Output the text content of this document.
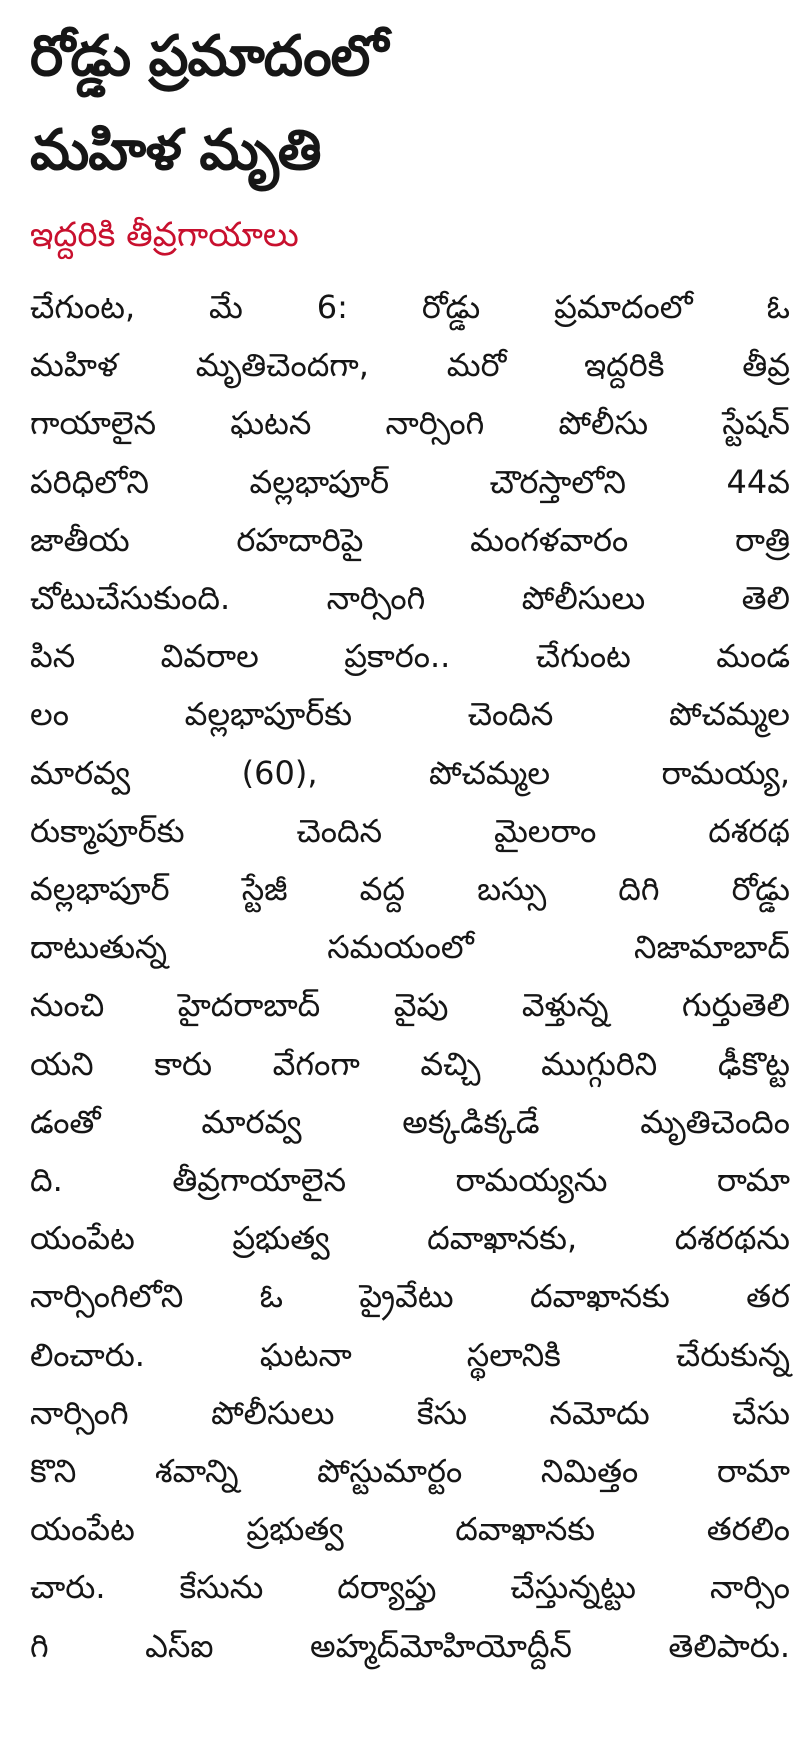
రోడ్డు ప్రమాదంలో
మహిళ మృతి
ఇద్దరికి తీవ్రగాయాలు
చేగుంట, మే 6: రోడ్డు ప్రమాదంలో ఓ
మహిళ మృతిచెందగా, మరో ఇద్దరికి తీవ్ర
గాయాలైన ఘటన నార్సింగి పోలీసు స్టేషన్
పరిధిలోని వల్లభాపూర్ చౌరస్తాలోని 44వ
జాతీయ రహదారిపై మంగళవారం రాత్రి
చోటుచేసుకుంది. నార్సింగి పోలీసులు తెలి
పిన వివరాల ప్రకారం.. చేగుంట మండ
లం వల్లభాపూర్‌కు చెందిన పోచమ్మల
మారవ్వ (60), పోచమ్మల రామయ్య,
రుక్మాపూర్‌కు చెందిన మైలరాం దశరథ
వల్లభాపూర్ స్టేజీ వద్ద బస్సు దిగి రోడ్డు
దాటుతున్న సమయంలో నిజామాబాద్
నుంచి హైదరాబాద్ వైపు వెళ్తున్న గుర్తుతెలి
యని కారు వేగంగా వచ్చి ముగ్గురిని ఢీకొట్ట
డంతో మారవ్వ అక్కడిక్కడే మృతిచెందిం
ది. తీవ్రగాయాలైన రామయ్యను రామా
యంపేట ప్రభుత్వ దవాఖానకు, దశరథను
నార్సింగిలోని ఓ ప్రైవేటు దవాఖానకు తర
లించారు. ఘటనా స్థలానికి చేరుకున్న
నార్సింగి పోలీసులు కేసు నమోదు చేసు
కొని శవాన్ని పోస్టుమార్టం నిమిత్తం రామా
యంపేట ప్రభుత్వ దవాఖానకు తరలిం
చారు. కేసును దర్యాప్తు చేస్తున్నట్టు నార్సిం
గి ఎస్ఐ అహ్మద్‌మోహియోద్దీన్ తెలిపారు.
